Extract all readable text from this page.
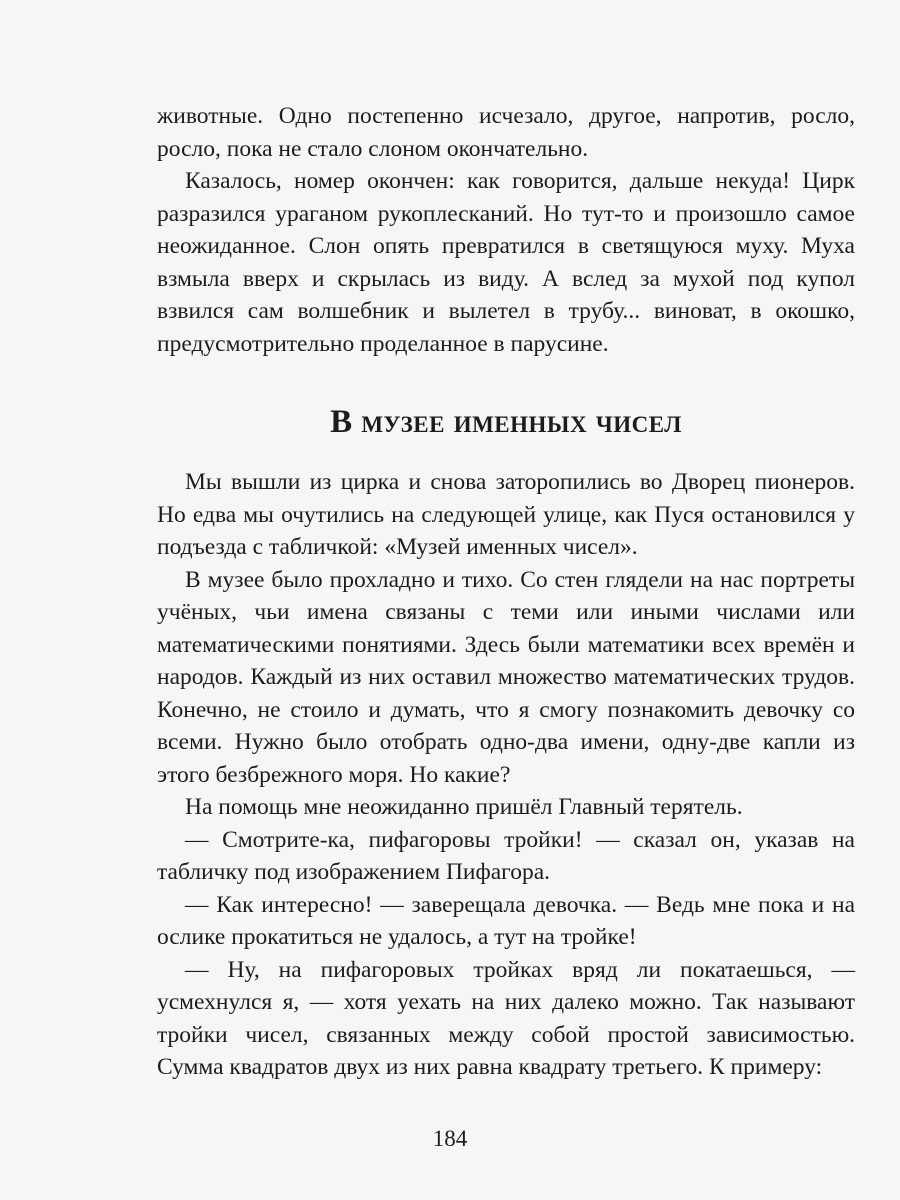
животные. Одно постепенно исчезало, другое, напротив, росло, росло, пока не стало слоном окончательно.

Казалось, номер окончен: как говорится, дальше некуда! Цирк разразился ураганом рукоплесканий. Но тут-то и произошло самое неожиданное. Слон опять превратился в светящуюся муху. Муха взмыла вверх и скрылась из виду. А вслед за мухой под купол взвился сам волшебник и вылетел в трубу... виноват, в окошко, предусмотрительно проделанное в парусине.

В музее именных чисел

Мы вышли из цирка и снова заторопились во Дворец пионеров. Но едва мы очутились на следующей улице, как Пуся остановился у подъезда с табличкой: «Музей именных чисел».

В музее было прохладно и тихо. Со стен глядели на нас портреты учёных, чьи имена связаны с теми или иными числами или математическими понятиями. Здесь были математики всех времён и народов. Каждый из них оставил множество математических трудов. Конечно, не стоило и думать, что я смогу познакомить девочку со всеми. Нужно было отобрать одно-два имени, одну-две капли из этого безбрежного моря. Но какие?

На помощь мне неожиданно пришёл Главный терятель.

— Смотрите-ка, пифагоровы тройки! — сказал он, указав на табличку под изображением Пифагора.

— Как интересно! — заверещала девочка. — Ведь мне пока и на ослике прокатиться не удалось, а тут на тройке!

— Ну, на пифагоровых тройках вряд ли покатаешься, — усмехнулся я, — хотя уехать на них далеко можно. Так называют тройки чисел, связанных между собой простой зависимостью. Сумма квадратов двух из них равна квадрату третьего. К примеру:

184
